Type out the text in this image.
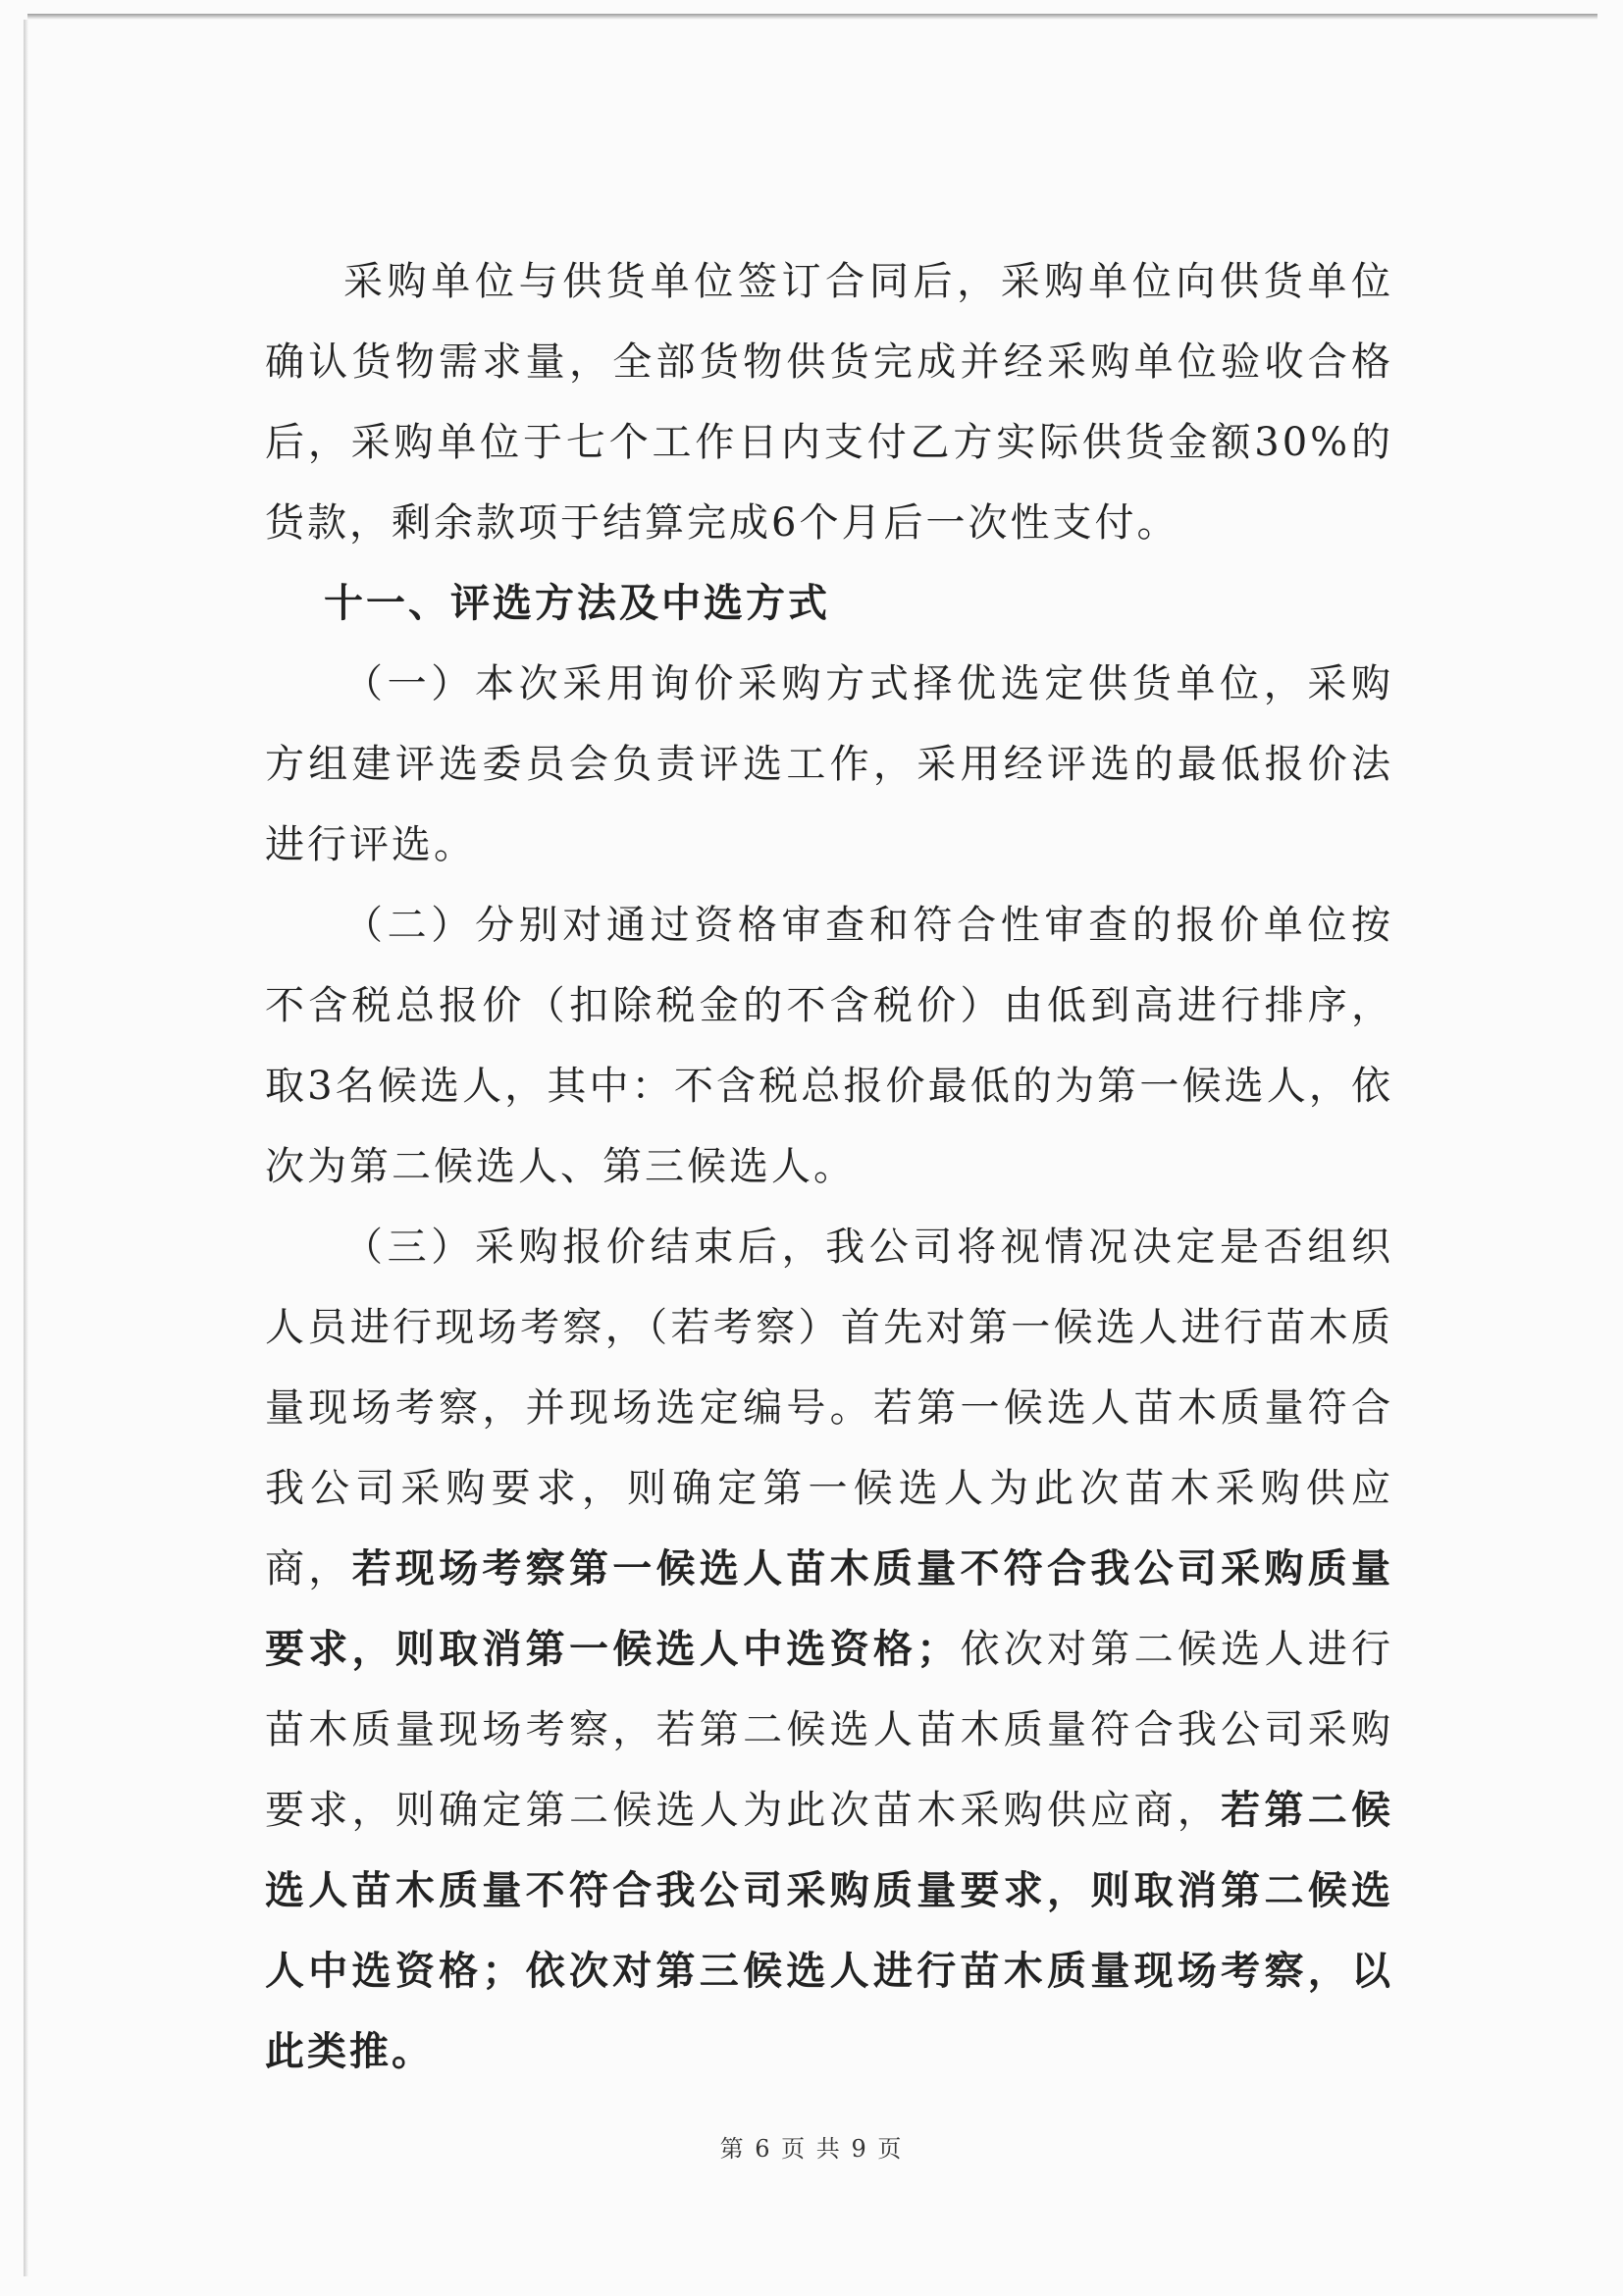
采购单位与供货单位签订合同后，采购单位向供货单位确认货物需求量，全部货物供货完成并经采购单位验收合格后，采购单位于七个工作日内支付乙方实际供货金额30%的货款，剩余款项于结算完成6个月后一次性支付。

十一、评选方法及中选方式

（一）本次采用询价采购方式择优选定供货单位，采购方组建评选委员会负责评选工作，采用经评选的最低报价法进行评选。

（二）分别对通过资格审查和符合性审查的报价单位按不含税总报价（扣除税金的不含税价）由低到高进行排序，取3名候选人，其中：不含税总报价最低的为第一候选人，依次为第二候选人、第三候选人。

（三）采购报价结束后，我公司将视情况决定是否组织人员进行现场考察，（若考察）首先对第一候选人进行苗木质量现场考察，并现场选定编号。若第一候选人苗木质量符合我公司采购要求，则确定第一候选人为此次苗木采购供应商，若现场考察第一候选人苗木质量不符合我公司采购质量要求，则取消第一候选人中选资格；依次对第二候选人进行苗木质量现场考察，若第二候选人苗木质量符合我公司采购要求，则确定第二候选人为此次苗木采购供应商，若第二候选人苗木质量不符合我公司采购质量要求，则取消第二候选人中选资格；依次对第三候选人进行苗木质量现场考察，以此类推。

第 6 页 共 9 页
